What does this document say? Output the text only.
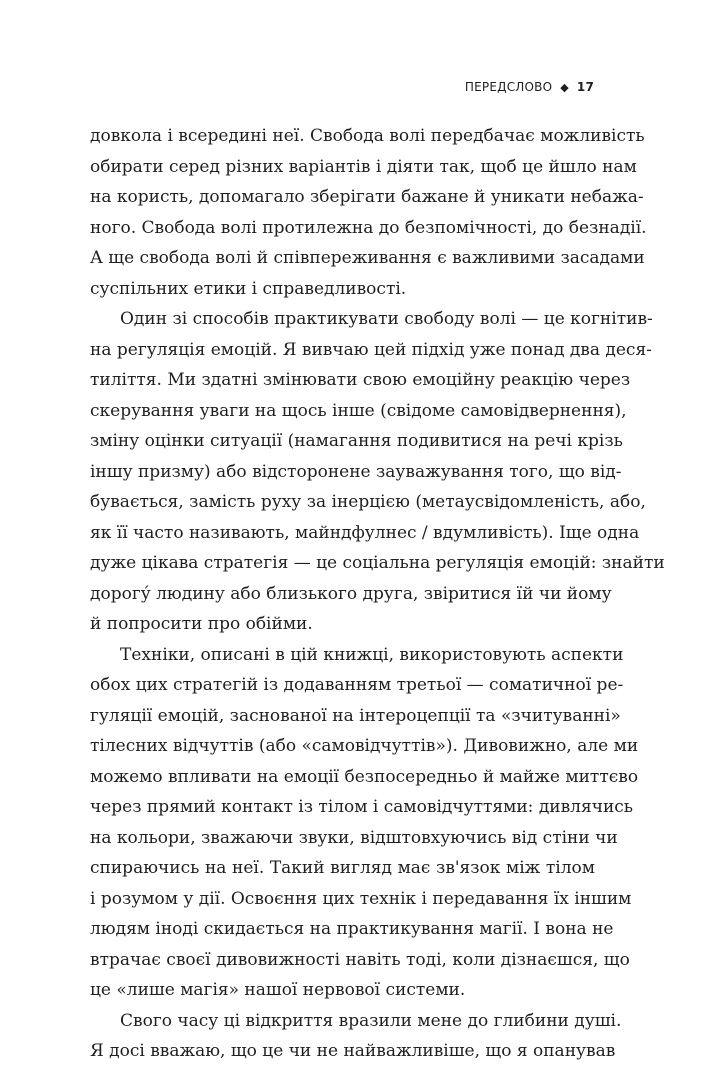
ПЕРЕДСЛОВО ◆ 17
довкола і всередині неї. Свобода волі передбачає можливість
обирати серед різних варіантів і діяти так, щоб це йшло нам
на користь, допомагало зберігати бажане й уникати небажа-
ного. Свобода волі протилежна до безпомічності, до безнадії.
А ще свобода волі й співпереживання є важливими засадами
суспільних етики і справедливості.
Один зі способів практикувати свободу волі — це когнітив-
на регуляція емоцій. Я вивчаю цей підхід уже понад два деся-
тиліття. Ми здатні змінювати свою емоційну реакцію через
скерування уваги на щось інше (свідоме самовідвернення),
зміну оцінки ситуації (намагання подивитися на речі крізь
іншу призму) або відсторонене зауважування того, що від-
бувається, замість руху за інерцією (метаусвідомленість, або,
як її часто називають, майндфулнес / вдумливість). Іще одна
дуже цікава стратегія — це соціальна регуляція емоцій: знайти
дорогу́ людину або близького друга, звіритися їй чи йому
й попросити про обійми.
Техніки, описані в цій книжці, використовують аспекти
обох цих стратегій із додаванням третьої — соматичної ре-
гуляції емоцій, заснованої на інтероцепції та «зчитуванні»
тілесних відчуттів (або «самовідчуттів»). Дивовижно, але ми
можемо впливати на емоції безпосередньо й майже миттєво
через прямий контакт із тілом і самовідчуттями: дивлячись
на кольори, зважаючи звуки, відштовхуючись від стіни чи
спираючись на неї. Такий вигляд має зв'язок між тілом
і розумом у дії. Освоєння цих технік і передавання їх іншим
людям іноді скидається на практикування магії. І вона не
втрачає своєї дивовижності навіть тоді, коли дізнаєшся, що
це «лише магія» нашої нервової системи.
Свого часу ці відкриття вразили мене до глибини душі.
Я досі вважаю, що це чи не найважливіше, що я опанував
